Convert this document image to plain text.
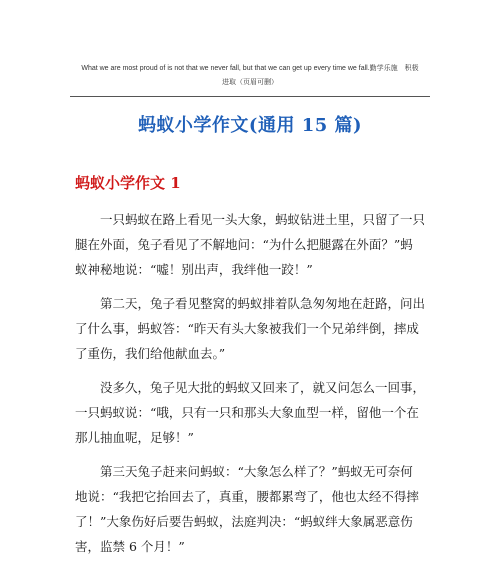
What we are most proud of is not that we never fall, but that we can get up every time we fall.勤学乐施　积极
进取（页眉可删）
蚂蚁小学作文(通用 15 篇)
蚂蚁小学作文 1

一只蚂蚁在路上看见一头大象，蚂蚁钻进土里，只留了一只腿在外面，兔子看见了不解地问：“为什么把腿露在外面？”蚂蚁神秘地说：“嘘！别出声，我绊他一跤！”

第二天，兔子看见整窝的蚂蚁排着队急匆匆地在赶路，问出了什么事，蚂蚁答：“昨天有头大象被我们一个兄弟绊倒，摔成了重伤，我们给他献血去。”

没多久，兔子见大批的蚂蚁又回来了，就又问怎么一回事，一只蚂蚁说：“哦，只有一只和那头大象血型一样，留他一个在那儿抽血呢，足够！”

第三天兔子赶来问蚂蚁：“大象怎么样了？”蚂蚁无可奈何地说：“我把它抬回去了，真重，腰都累弯了，他也太经不得摔了！”大象伤好后要告蚂蚁，法庭判决：“蚂蚁绊大象属恶意伤害，监禁 6 个月！”
